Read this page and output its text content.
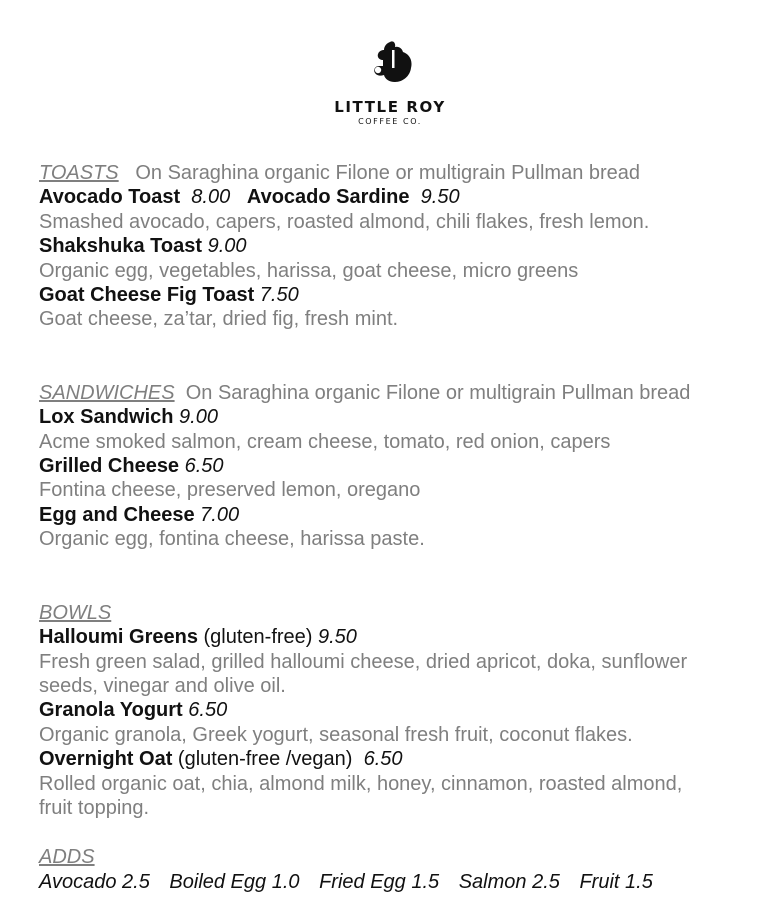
LITTLE ROY
COFFEE CO.
TOASTS On Saraghina organic Filone or multigrain Pullman bread
Avocado Toast 8.00 Avocado Sardine 9.50
Smashed avocado, capers, roasted almond, chili flakes, fresh lemon.
Shakshuka Toast 9.00
Organic egg, vegetables, harissa, goat cheese, micro greens
Goat Cheese Fig Toast 7.50
Goat cheese, za’tar, dried fig, fresh mint.
SANDWICHES On Saraghina organic Filone or multigrain Pullman bread
Lox Sandwich 9.00
Acme smoked salmon, cream cheese, tomato, red onion, capers
Grilled Cheese 6.50
Fontina cheese, preserved lemon, oregano
Egg and Cheese 7.00
Organic egg, fontina cheese, harissa paste.
BOWLS
Halloumi Greens (gluten-free) 9.50
Fresh green salad, grilled halloumi cheese, dried apricot, doka, sunflower seeds, vinegar and olive oil.
Granola Yogurt 6.50
Organic granola, Greek yogurt, seasonal fresh fruit, coconut flakes.
Overnight Oat (gluten-free /vegan) 6.50
Rolled organic oat, chia, almond milk, honey, cinnamon, roasted almond, fruit topping.
ADDS
Avocado 2.5 Boiled Egg 1.0 Fried Egg 1.5 Salmon 2.5 Fruit 1.5
